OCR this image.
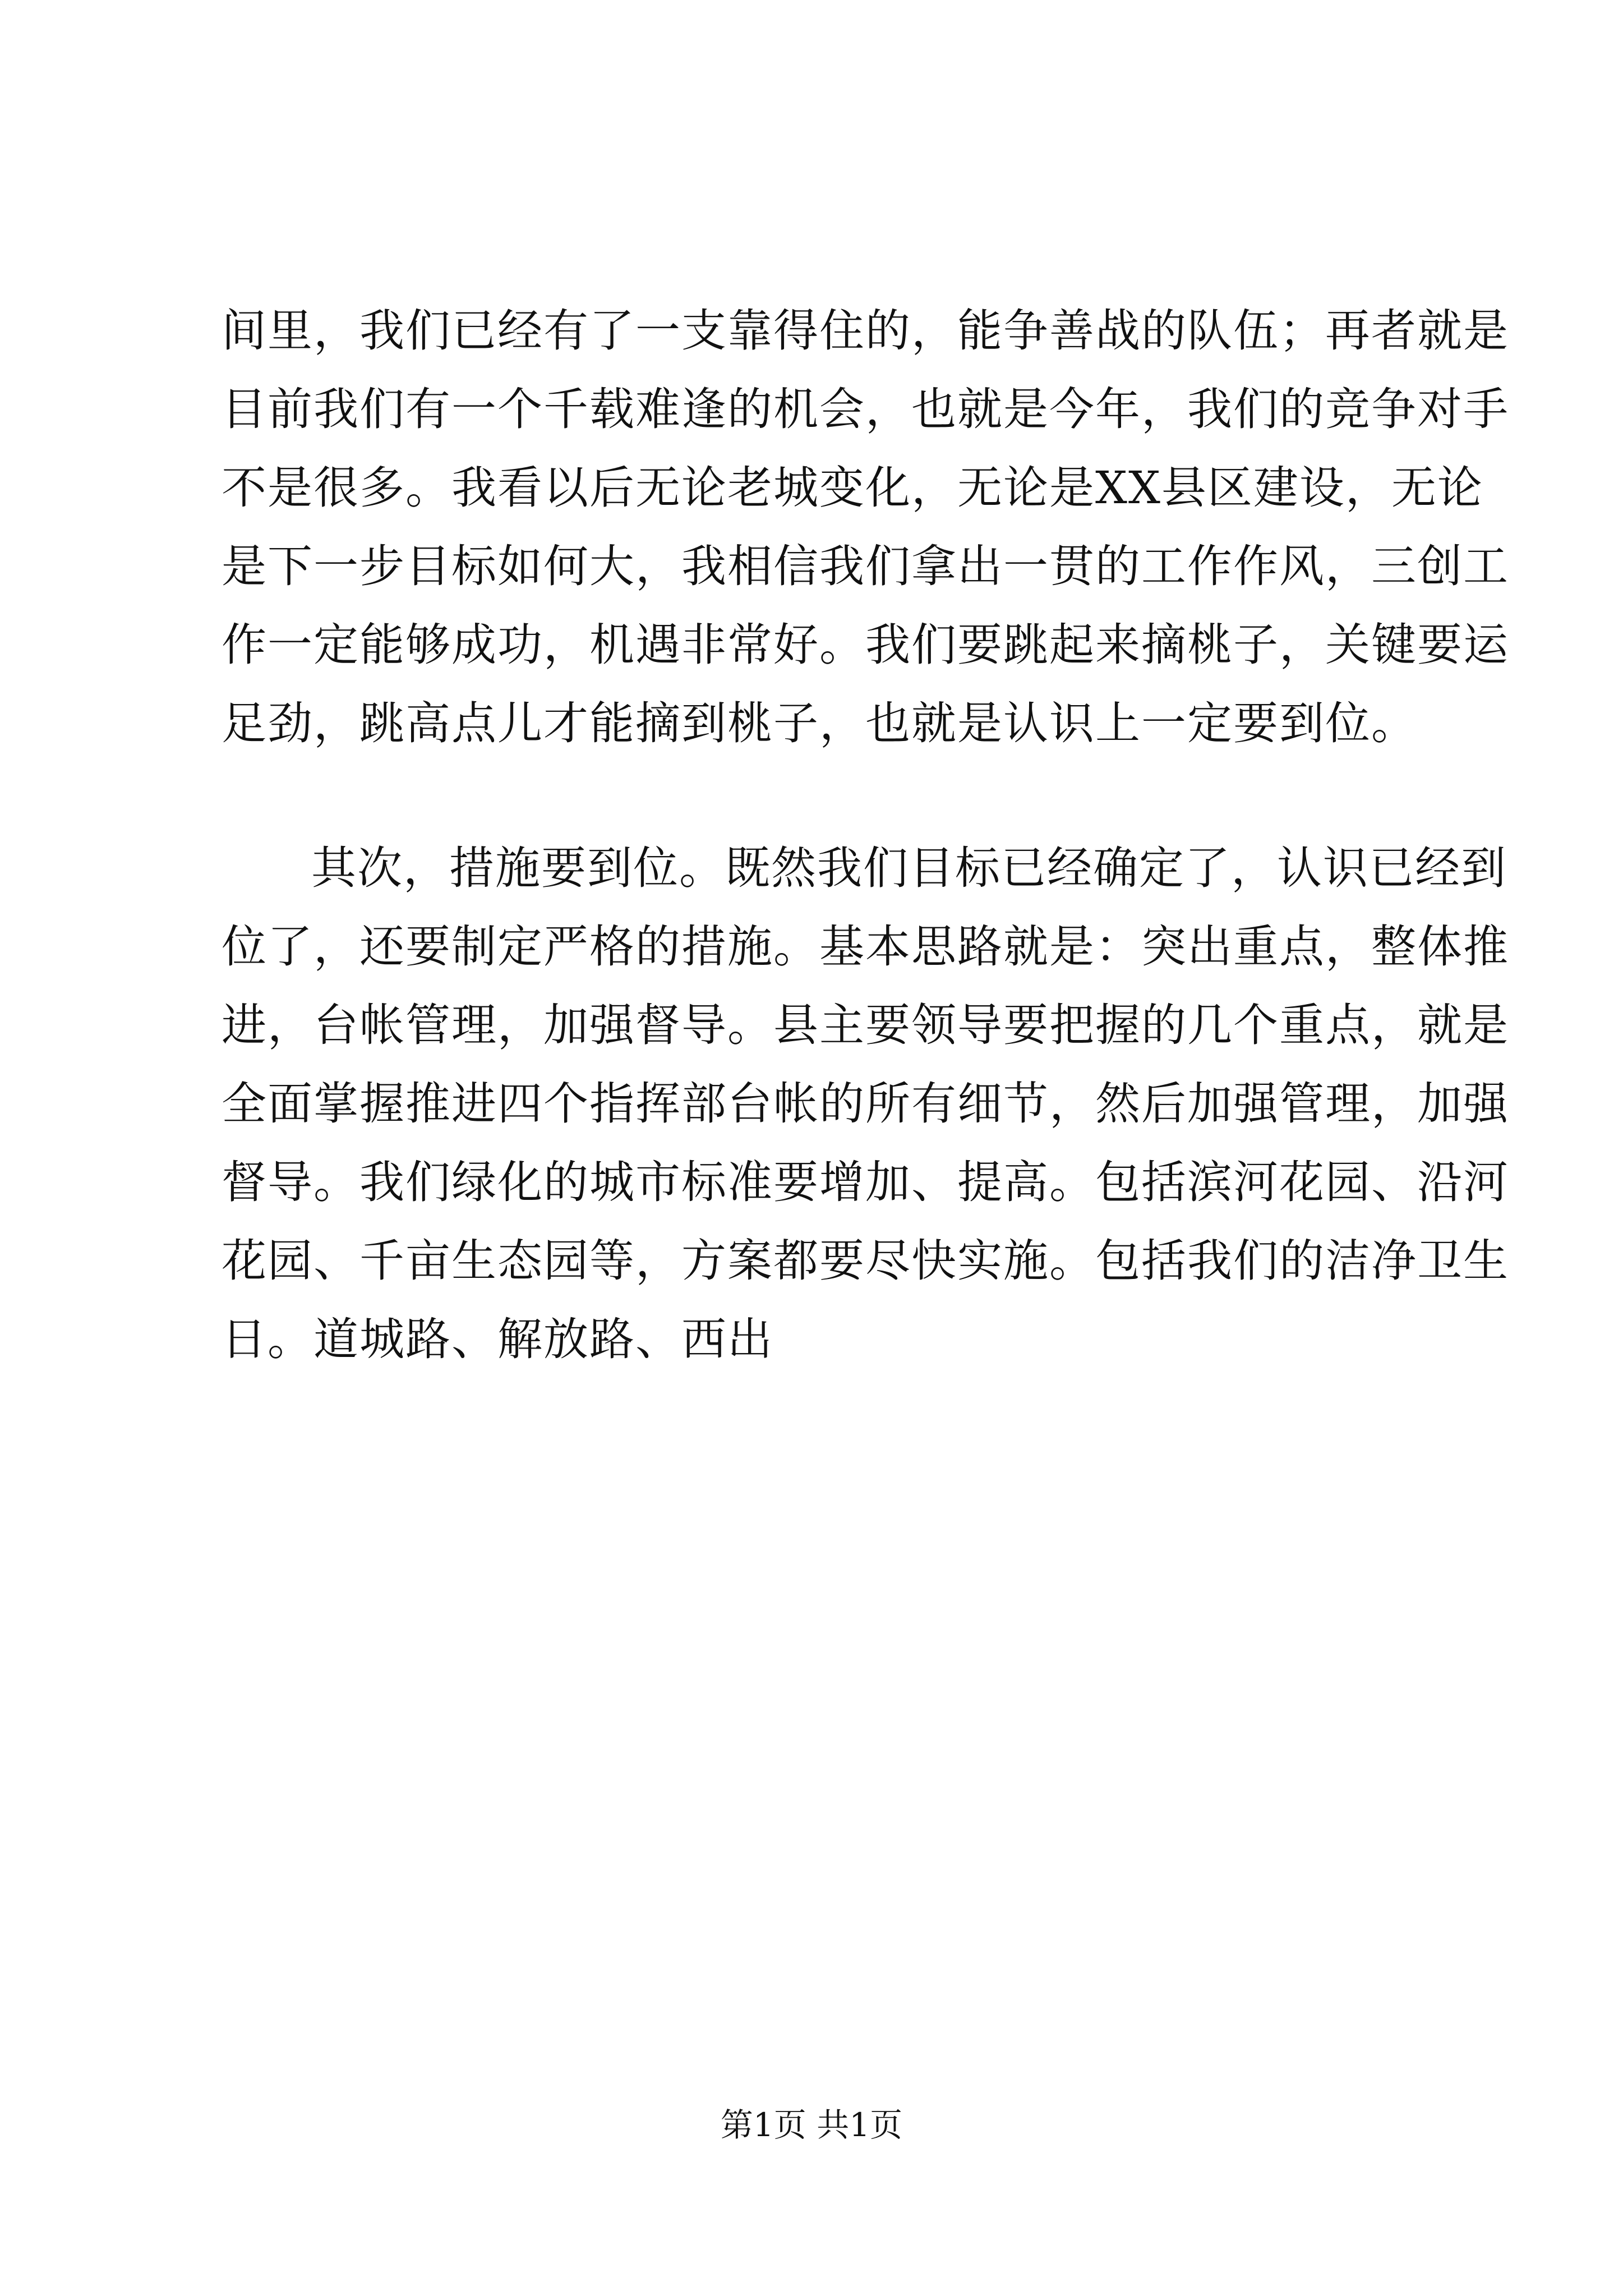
间里，我们已经有了一支靠得住的，能争善战的队伍；再者就是
目前我们有一个千载难逢的机会，也就是今年，我们的竞争对手
不是很多。我看以后无论老城变化，无论是XX县区建设，无论
是下一步目标如何大，我相信我们拿出一贯的工作作风，三创工
作一定能够成功，机遇非常好。我们要跳起来摘桃子，关键要运
足劲，跳高点儿才能摘到桃子，也就是认识上一定要到位。
其次，措施要到位。既然我们目标已经确定了，认识已经到
位了，还要制定严格的措施。基本思路就是：突出重点，整体推
进，台帐管理，加强督导。县主要领导要把握的几个重点，就是
全面掌握推进四个指挥部台帐的所有细节，然后加强管理，加强
督导。我们绿化的城市标准要增加、提高。包括滨河花园、沿河
花园、千亩生态园等，方案都要尽快实施。包括我们的洁净卫生
日。道城路、解放路、西出
第1页 共1页
